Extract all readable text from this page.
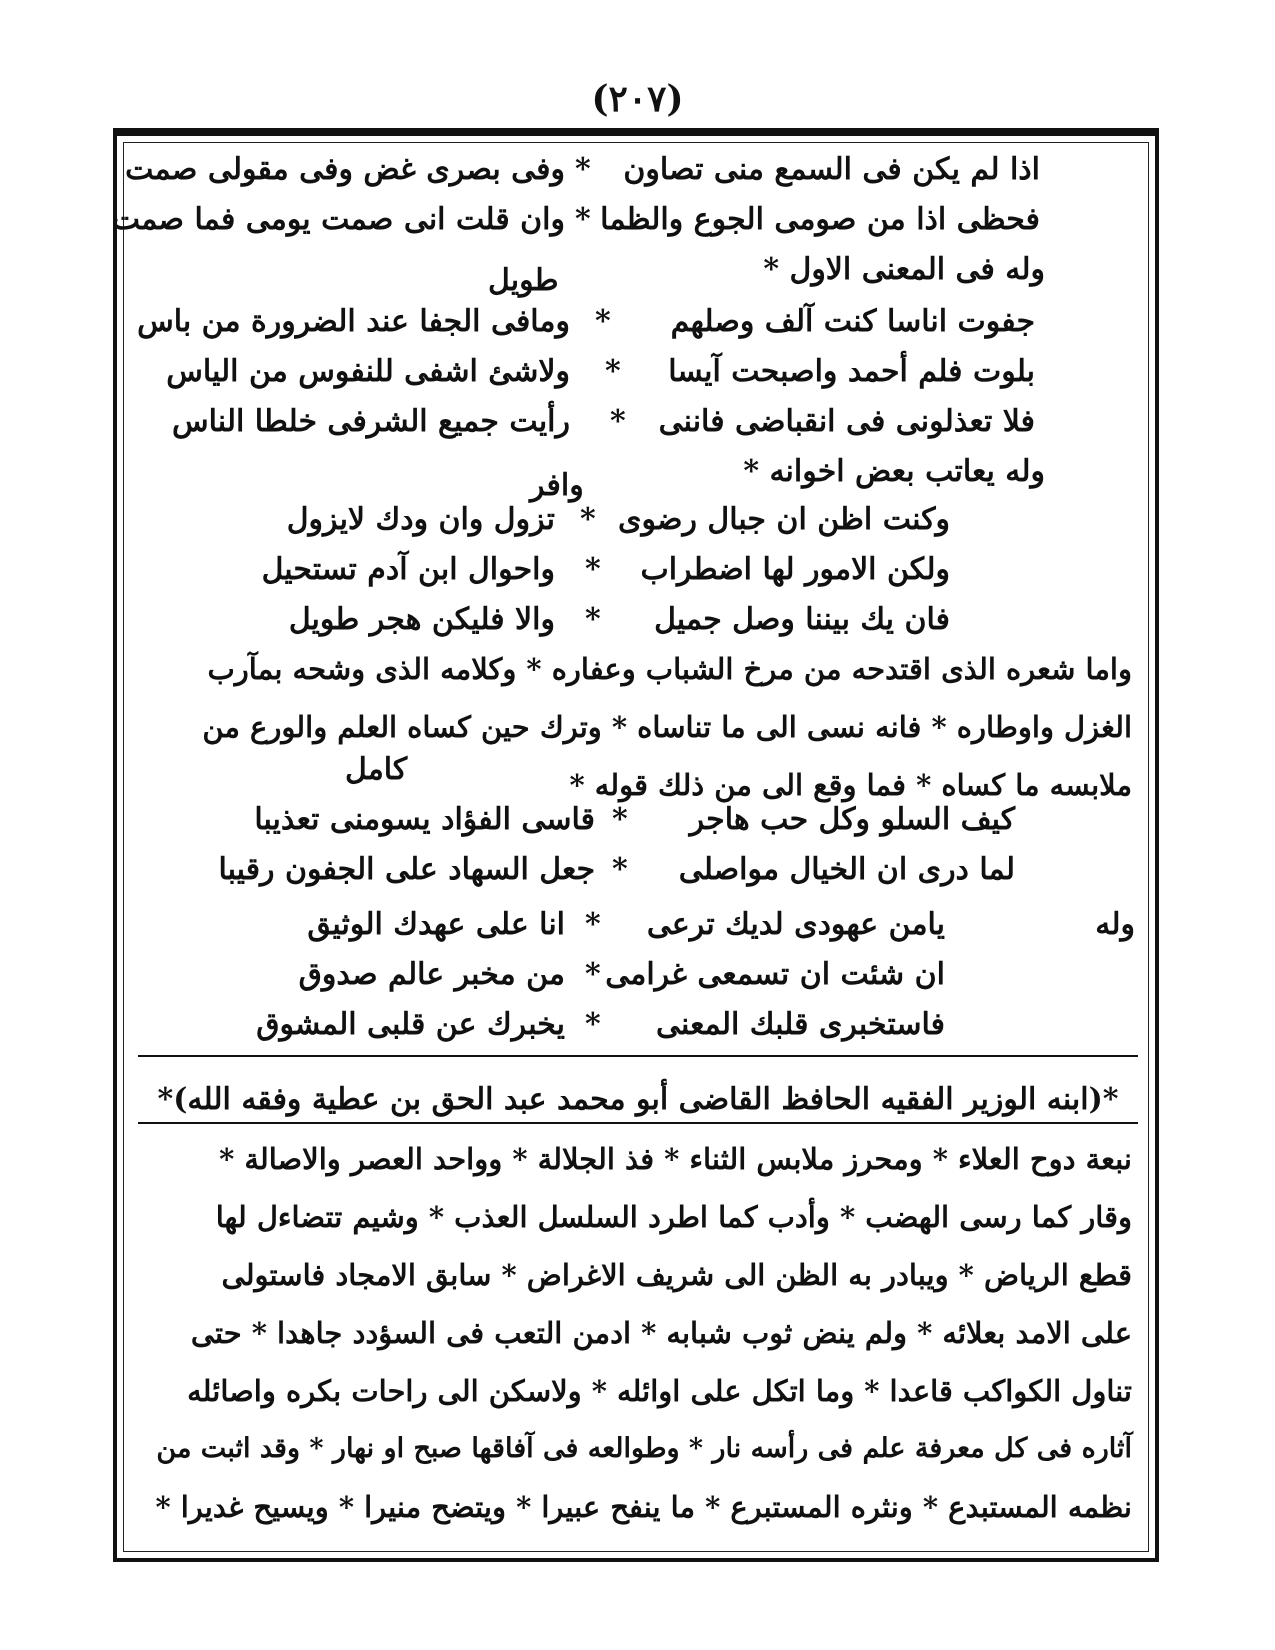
(٢٠٧)
اذا لم يكن فى السمع منى تصاون
*
وفى بصرى غض وفى مقولى صمت
فحظى اذا من صومى الجوع والظما
*
وان قلت انى صمت يومى فما صمت
وله فى المعنى الاول *
طويل
جفوت اناسا كنت آلف وصلهم
*
ومافى الجفا عند الضرورة من باس
بلوت فلم أحمد واصبحت آيسا
*
ولاشئ اشفى للنفوس من الياس
فلا تعذلونى فى انقباضى فاننى
*
رأيت جميع الشرفى خلطا الناس
وله يعاتب بعض اخوانه *
وافر
وكنت اظن ان جبال رضوى
*
تزول وان ودك لايزول
ولكن الامور لها اضطراب
*
واحوال ابن آدم تستحيل
فان يك بيننا وصل جميل
*
والا فليكن هجر طويل
واما شعره الذى اقتدحه من مرخ الشباب وعفاره * وكلامه الذى وشحه بمآرب
الغزل واوطاره * فانه نسى الى ما تناساه * وترك حين كساه العلم والورع من
ملابسه ما كساه * فما وقع الى من ذلك قوله *
كامل
كيف السلو وكل حب هاجر
*
قاسى الفؤاد يسومنى تعذيبا
لما درى ان الخيال مواصلى
*
جعل السهاد على الجفون رقيبا
وله
يامن عهودى لديك ترعى
*
انا على عهدك الوثيق
ان شئت ان تسمعى غرامى
*
من مخبر عالم صدوق
فاستخبرى قلبك المعنى
*
يخبرك عن قلبى المشوق
*(ابنه الوزير الفقيه الحافظ القاضى أبو محمد عبد الحق بن عطية وفقه الله)*
نبعة دوح العلاء * ومحرز ملابس الثناء * فذ الجلالة * وواحد العصر والاصالة *
وقار كما رسى الهضب * وأدب كما اطرد السلسل العذب * وشيم تتضاءل لها
قطع الرياض * ويبادر به الظن الى شريف الاغراض * سابق الامجاد فاستولى
على الامد بعلائه * ولم ينض ثوب شبابه * ادمن التعب فى السؤدد جاهدا * حتى
تناول الكواكب قاعدا * وما اتكل على اوائله * ولاسكن الى راحات بكره واصائله
آثاره فى كل معرفة علم فى رأسه نار * وطوالعه فى آفاقها صبح او نهار * وقد اثبت من
نظمه المستبدع * ونثره المستبرع * ما ينفح عبيرا * ويتضح منيرا * ويسيح غديرا *
